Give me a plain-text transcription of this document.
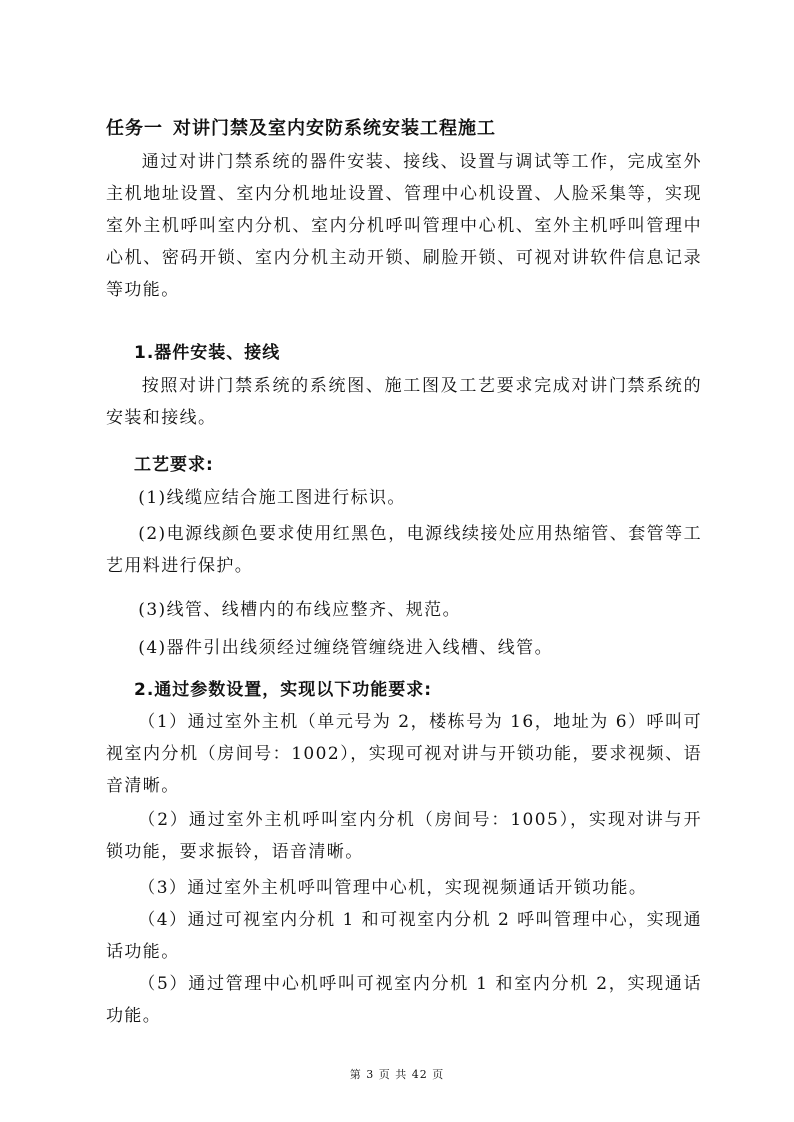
任务一 对讲门禁及室内安防系统安装工程施工

通过对讲门禁系统的器件安装、接线、设置与调试等工作，完成室外主机地址设置、室内分机地址设置、管理中心机设置、人脸采集等，实现室外主机呼叫室内分机、室内分机呼叫管理中心机、室外主机呼叫管理中心机、密码开锁、室内分机主动开锁、刷脸开锁、可视对讲软件信息记录等功能。

1.器件安装、接线

按照对讲门禁系统的系统图、施工图及工艺要求完成对讲门禁系统的安装和接线。

工艺要求:

(1)线缆应结合施工图进行标识。

(2)电源线颜色要求使用红黑色，电源线续接处应用热缩管、套管等工艺用料进行保护。

(3)线管、线槽内的布线应整齐、规范。

(4)器件引出线须经过缠绕管缠绕进入线槽、线管。

2.通过参数设置，实现以下功能要求:

（1）通过室外主机（单元号为 2，楼栋号为 16，地址为 6）呼叫可视室内分机（房间号：1002），实现可视对讲与开锁功能，要求视频、语音清晰。

（2）通过室外主机呼叫室内分机（房间号：1005），实现对讲与开锁功能，要求振铃，语音清晰。

（3）通过室外主机呼叫管理中心机，实现视频通话开锁功能。

（4）通过可视室内分机 1 和可视室内分机 2 呼叫管理中心，实现通话功能。

（5）通过管理中心机呼叫可视室内分机 1 和室内分机 2，实现通话功能。

第 3 页 共 42 页
